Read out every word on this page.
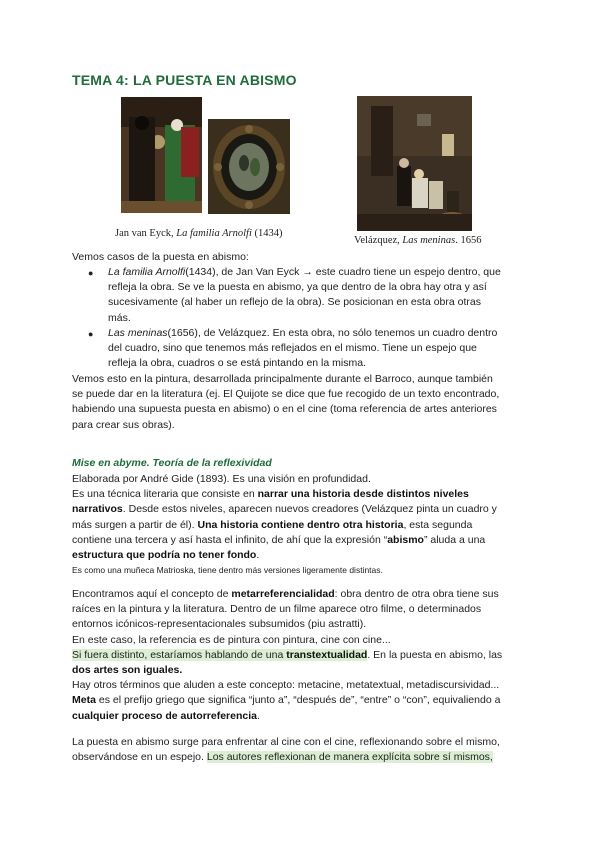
TEMA 4: LA PUESTA EN ABISMO
Jan van Eyck, La familia Arnolfi (1434)
Velázquez, Las meninas. 1656
Vemos casos de la puesta en abismo:
● La familia Arnolfi(1434), de Jan Van Eyck → este cuadro tiene un espejo dentro, que
refleja la obra. Se ve la puesta en abismo, ya que dentro de la obra hay otra y así
sucesivamente (al haber un reflejo de la obra). Se posicionan en esta obra otras
más.
● Las meninas(1656), de Velázquez. En esta obra, no sólo tenemos un cuadro dentro
del cuadro, sino que tenemos más reflejados en el mismo. Tiene un espejo que
refleja la obra, cuadros o se está pintando en la misma.
Vemos esto en la pintura, desarrollada principalmente durante el Barroco, aunque también
se puede dar en la literatura (ej. El Quijote se dice que fue recogido de un texto encontrado,
habiendo una supuesta puesta en abismo) o en el cine (toma referencia de artes anteriores
para crear sus obras).
Mise en abyme. Teoría de la reflexividad
Elaborada por André Gide (1893). Es una visión en profundidad.
Es una técnica literaria que consiste en narrar una historia desde distintos niveles
narrativos. Desde estos niveles, aparecen nuevos creadores (Velázquez pinta un cuadro y
más surgen a partir de él). Una historia contiene dentro otra historia, esta segunda
contiene una tercera y así hasta el infinito, de ahí que la expresión “abismo” aluda a una
estructura que podría no tener fondo.
Es como una muñeca Matrioska, tiene dentro más versiones ligeramente distintas.
Encontramos aquí el concepto de metarreferencialidad: obra dentro de otra obra tiene sus
raíces en la pintura y la literatura. Dentro de un filme aparece otro filme, o determinados
entornos icónicos-representacionales subsumidos (piu astratti).
En este caso, la referencia es de pintura con pintura, cine con cine...
Si fuera distinto, estaríamos hablando de una transtextualidad. En la puesta en abismo, las
dos artes son iguales.
Hay otros términos que aluden a este concepto: metacine, metatextual, metadiscursividad...
Meta es el prefijo griego que significa “junto a”, “después de”, “entre” o “con”, equivaliendo a
cualquier proceso de autorreferencia.
La puesta en abismo surge para enfrentar al cine con el cine, reflexionando sobre el mismo,
observándose en un espejo. Los autores reflexionan de manera explícita sobre sí mismos,
